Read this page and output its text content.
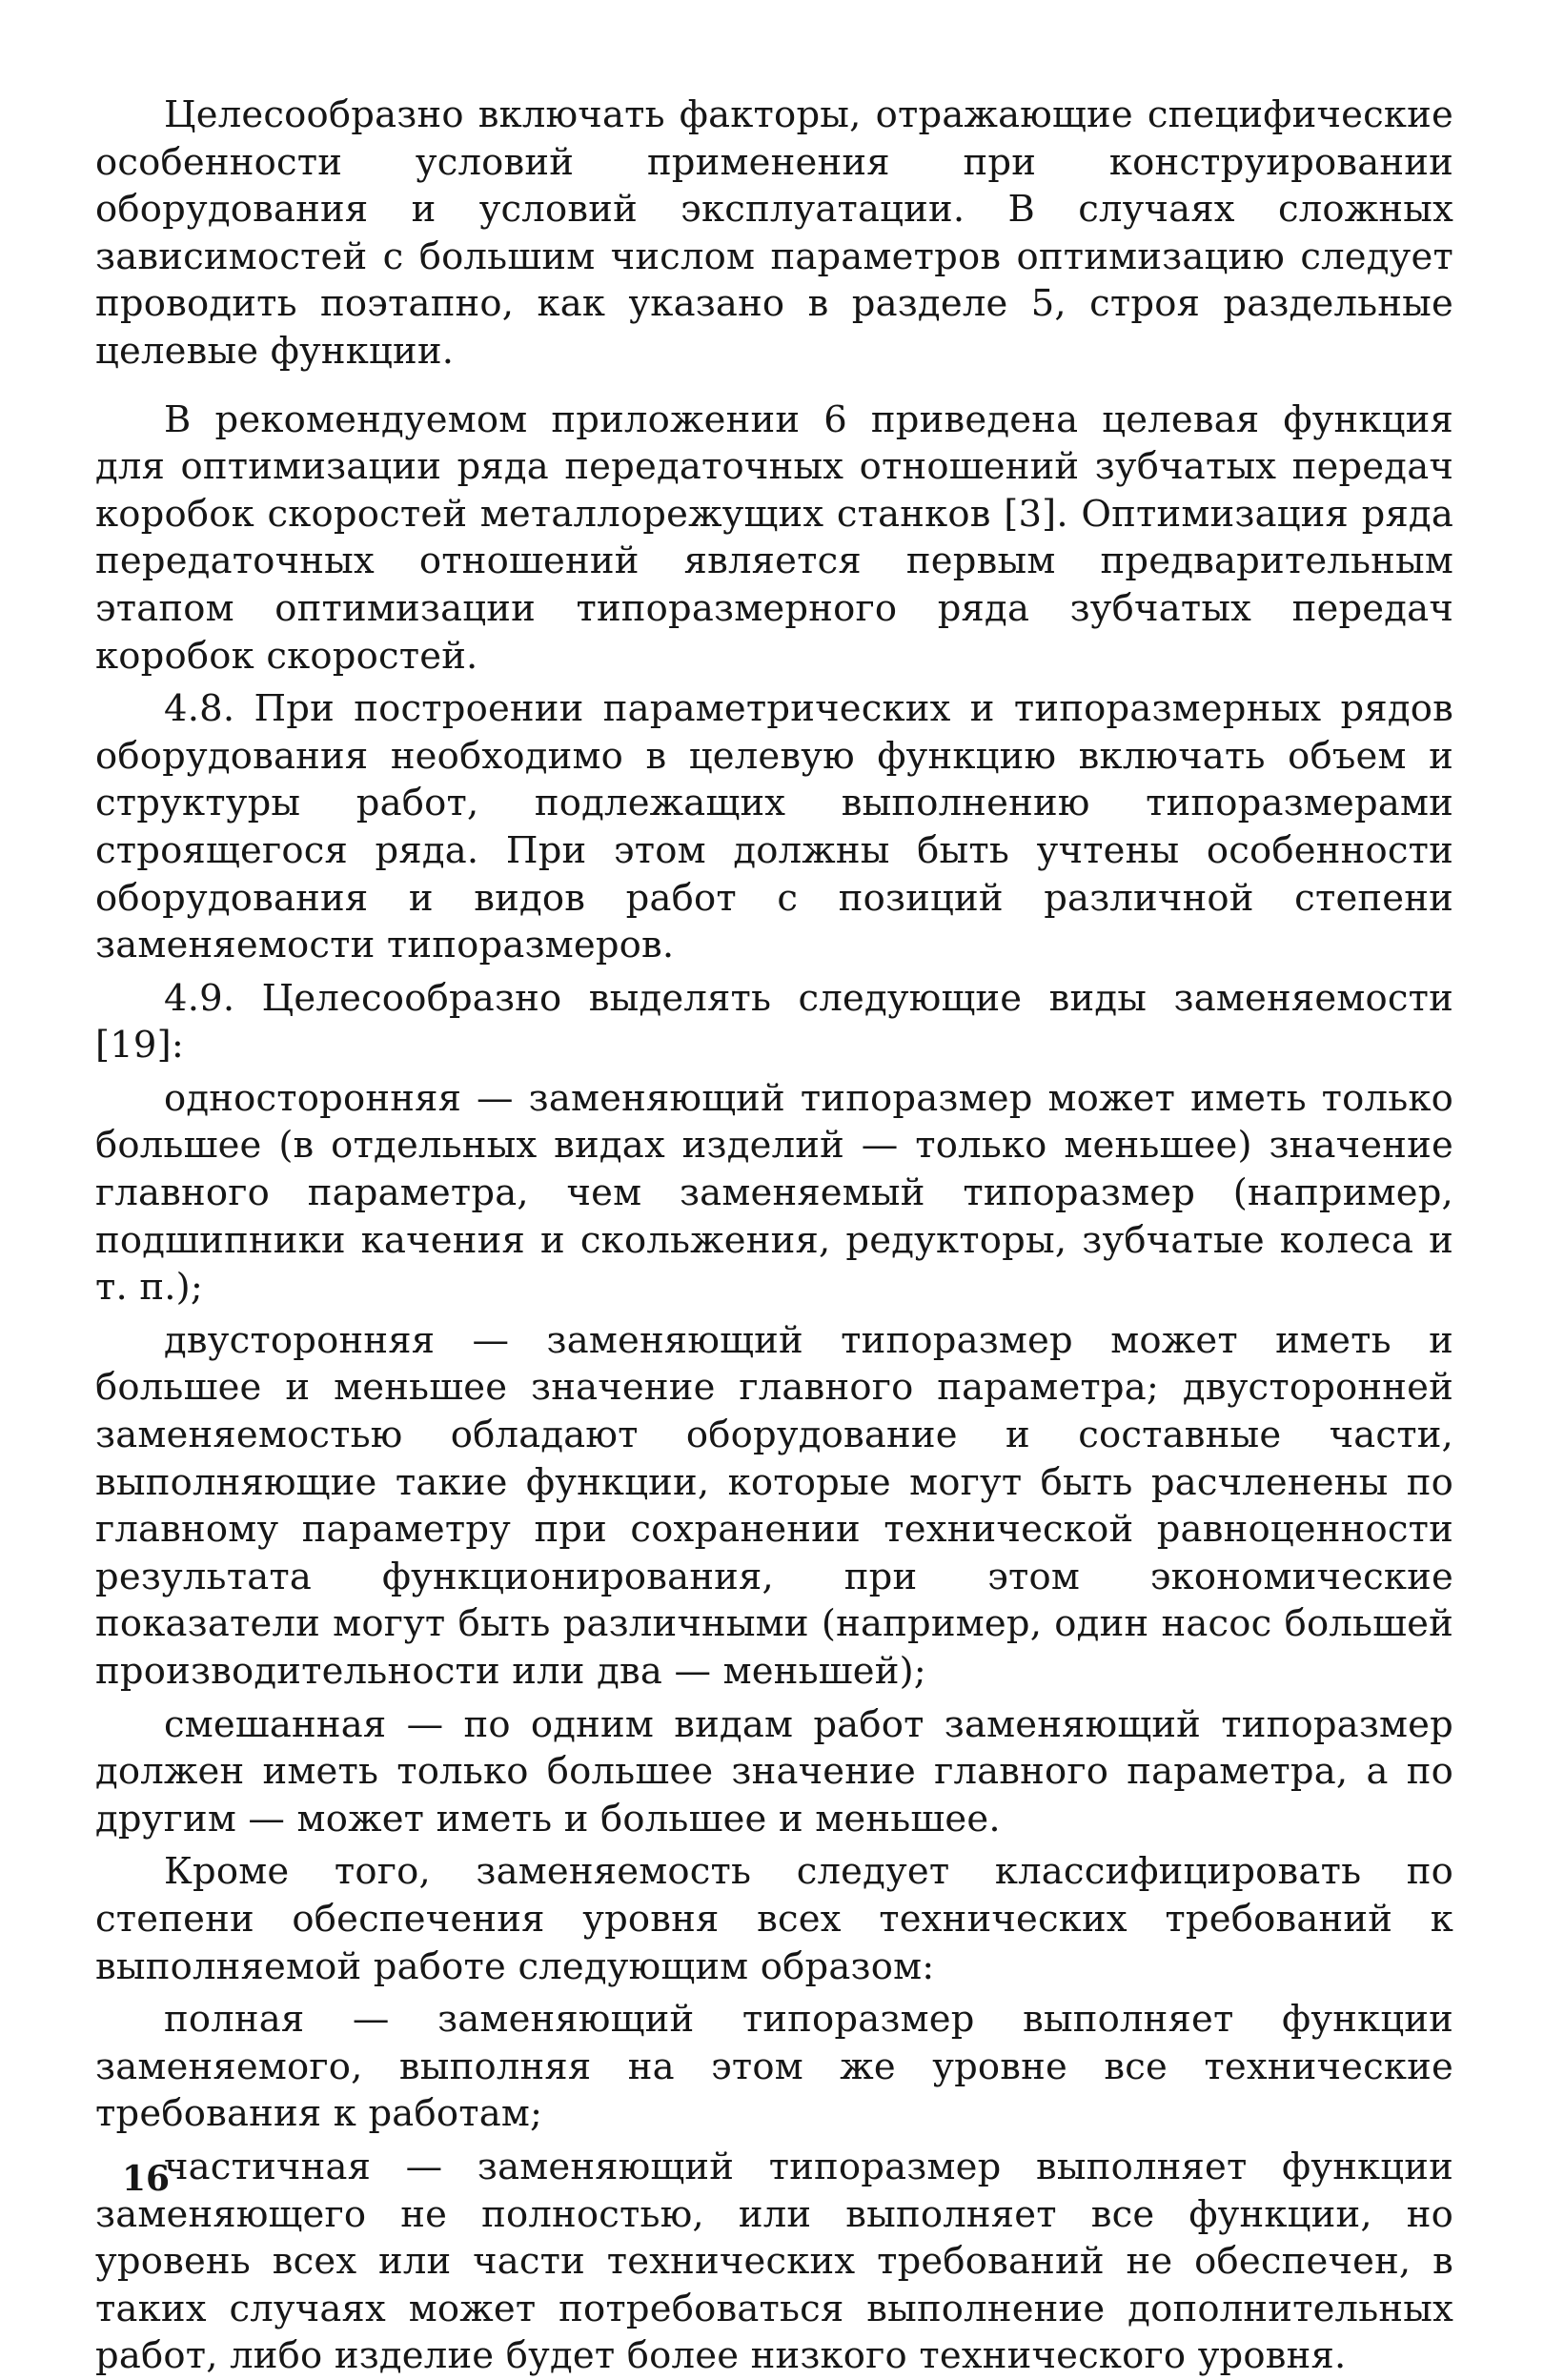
Целесообразно включать факторы, отражающие специфические особенности условий применения при конструировании оборудования и условий эксплуатации. В случаях сложных зависимостей с большим числом параметров оптимизацию следует проводить поэтапно, как указано в разделе 5, строя раздельные целевые функции.

В рекомендуемом приложении 6 приведена целевая функция для оптимизации ряда передаточных отношений зубчатых передач коробок скоростей металлорежущих станков [3]. Оптимизация ряда передаточных отношений является первым предварительным этапом оптимизации типоразмерного ряда зубчатых передач коробок скоростей.

4.8. При построении параметрических и типоразмерных рядов оборудования необходимо в целевую функцию включать объем и структуры работ, подлежащих выполнению типоразмерами строящегося ряда. При этом должны быть учтены особенности оборудования и видов работ с позиций различной степени заменяемости типоразмеров.

4.9. Целесообразно выделять следующие виды заменяемости [19]:

односторонняя — заменяющий типоразмер может иметь только большее (в отдельных видах изделий — только меньшее) значение главного параметра, чем заменяемый типоразмер (например, подшипники качения и скольжения, редукторы, зубчатые колеса и т. п.);

двусторонняя — заменяющий типоразмер может иметь и большее и меньшее значение главного параметра; двусторонней заменяемостью обладают оборудование и составные части, выполняющие такие функции, которые могут быть расчленены по главному параметру при сохранении технической равноценности результата функционирования, при этом экономические показатели могут быть различными (например, один насос большей производительности или два — меньшей);

смешанная — по одним видам работ заменяющий типоразмер должен иметь только большее значение главного параметра, а по другим — может иметь и большее и меньшее.

Кроме того, заменяемость следует классифицировать по степени обеспечения уровня всех технических требований к выполняемой работе следующим образом:

полная — заменяющий типоразмер выполняет функции заменяемого, выполняя на этом же уровне все технические требования к работам;

частичная — заменяющий типоразмер выполняет функции заменяющего не полностью, или выполняет все функции, но уровень всех или части технических требований не обеспечен, в таких случаях может потребоваться выполнение дополнительных работ, либо изделие будет более низкого технического уровня.

16
